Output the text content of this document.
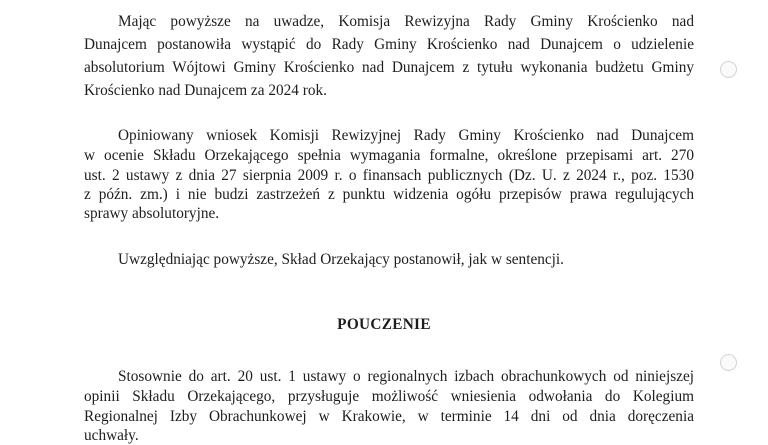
Mając powyższe na uwadze, Komisja Rewizyjna Rady Gminy Krościenko nad
Dunajcem postanowiła wystąpić do Rady Gminy Krościenko nad Dunajcem o udzielenie
absolutorium Wójtowi Gminy Krościenko nad Dunajcem z tytułu wykonania budżetu Gminy
Krościenko nad Dunajcem za 2024 rok.
Opiniowany wniosek Komisji Rewizyjnej Rady Gminy Krościenko nad Dunajcem
w ocenie Składu Orzekającego spełnia wymagania formalne, określone przepisami art. 270
ust. 2 ustawy z dnia 27 sierpnia 2009 r. o finansach publicznych (Dz. U. z 2024 r., poz. 1530
z późn. zm.) i nie budzi zastrzeżeń z punktu widzenia ogółu przepisów prawa regulujących
sprawy absolutoryjne.
Uwzględniając powyższe, Skład Orzekający postanowił, jak w sentencji.
POUCZENIE
Stosownie do art. 20 ust. 1 ustawy o regionalnych izbach obrachunkowych od niniejszej
opinii Składu Orzekającego, przysługuje możliwość wniesienia odwołania do Kolegium
Regionalnej Izby Obrachunkowej w Krakowie, w terminie 14 dni od dnia doręczenia
uchwały.
